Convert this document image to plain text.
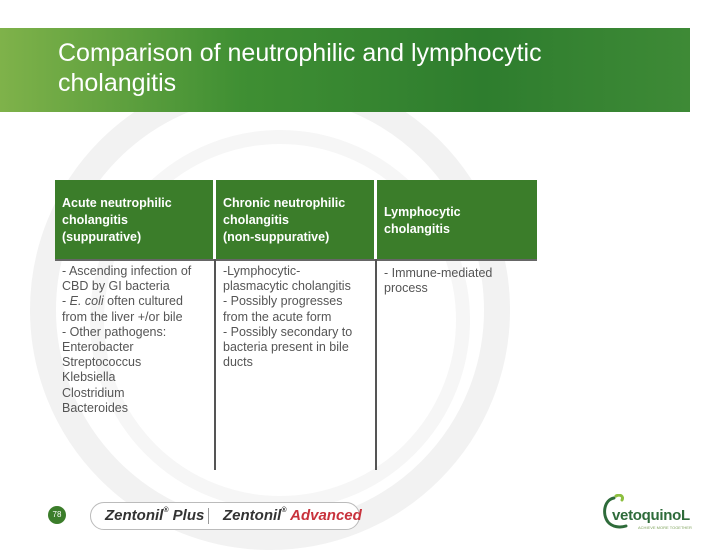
Comparison of neutrophilic and lymphocytic
cholangitis
Acute neutrophilic
cholangitis
(suppurative)
Chronic neutrophilic
cholangitis
(non-suppurative)
Lymphocytic
cholangitis
- Ascending infection of
CBD by GI bacteria
- E. coli often cultured
from the liver +/or bile
- Other pathogens:
Enterobacter
Streptococcus
Klebsiella
Clostridium
Bacteroides
-Lymphocytic-
plasmacytic cholangitis
- Possibly progresses
from the acute form
- Possibly secondary to
bacteria present in bile
ducts
- Immune-mediated
process
78	Zentonil® Plus Zentonil® Advanced	vetoquinoL
ACHIEVE MORE TOGETHER
